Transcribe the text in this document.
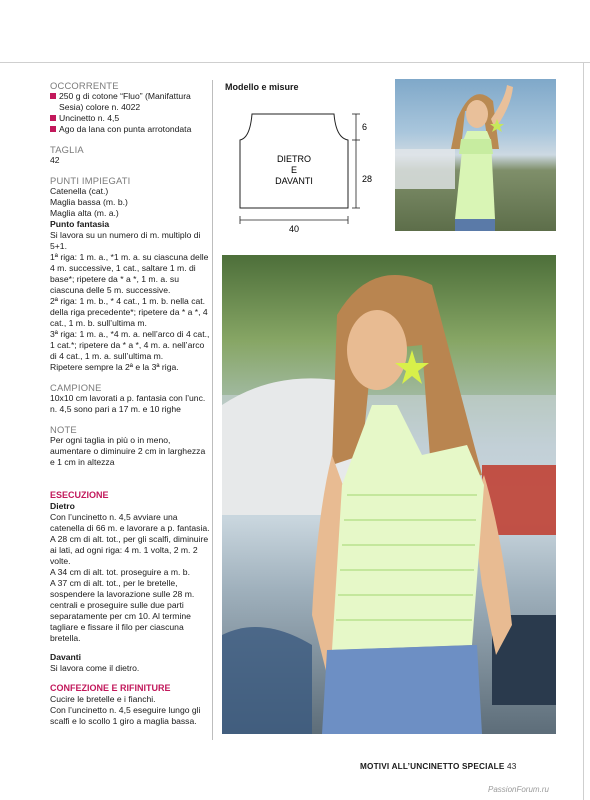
OCCORRENTE
250 g di cotone “Fluo” (Manifattura Sesia) colore n. 4022
Uncinetto n. 4,5
Ago da lana con punta arrotondata
TAGLIA

42

PUNTI IMPIEGATI

Catenella (cat.)

Maglia bassa (m. b.)

Maglia alta (m. a.)

Punto fantasia

Si lavora su un numero di m. multiplo di 5+1.

1ª riga: 1 m. a., *1 m. a. su ciascuna delle 4 m. successive, 1 cat., saltare 1 m. di base*; ripetere da * a *, 1 m. a. su ciascuna delle 5 m. successive.

2ª riga: 1 m. b., * 4 cat., 1 m. b. nella cat. della riga precedente*; ripetere da * a *, 4 cat., 1 m. b. sull’ultima m.

3ª riga: 1 m. a., *4 m. a. nell’arco di 4 cat., 1 cat.*; ripetere da * a *, 4 m. a. nell’arco di 4 cat., 1 m. a. sull’ultima m.

Ripetere sempre la 2ª e la 3ª riga.

CAMPIONE

10x10 cm lavorati a p. fantasia con l’unc. n. 4,5 sono pari a 17 m. e 10 righe

NOTE

Per ogni taglia in più o in meno, aumentare o diminuire 2 cm in larghezza e 1 cm in altezza

ESECUZIONE

Dietro

Con l’uncinetto n. 4,5 avviare una catenella di 66 m. e lavorare a p. fantasia.

A 28 cm di alt. tot., per gli scalfi, diminuire ai lati, ad ogni riga: 4 m. 1 volta, 2 m. 2 volte.

A 34 cm di alt. tot. proseguire a m. b.

A 37 cm di alt. tot., per le bretelle, sospendere la lavorazione sulle 28 m. centrali e proseguire sulle due parti separatamente per cm 10. Al termine tagliare e fissare il filo per ciascuna bretella.

Davanti

Si lavora come il dietro.

CONFEZIONE E RIFINITURE

Cucire le bretelle e i fianchi.

Con l’uncinetto n. 4,5 eseguire lungo gli scalfi e lo scollo 1 giro a maglia bassa.

Modello e misure
DIETRO
E
DAVANTI
6
28
40
MOTIVI ALL’UNCINETTO SPECIALE 43
PassionForum.ru
